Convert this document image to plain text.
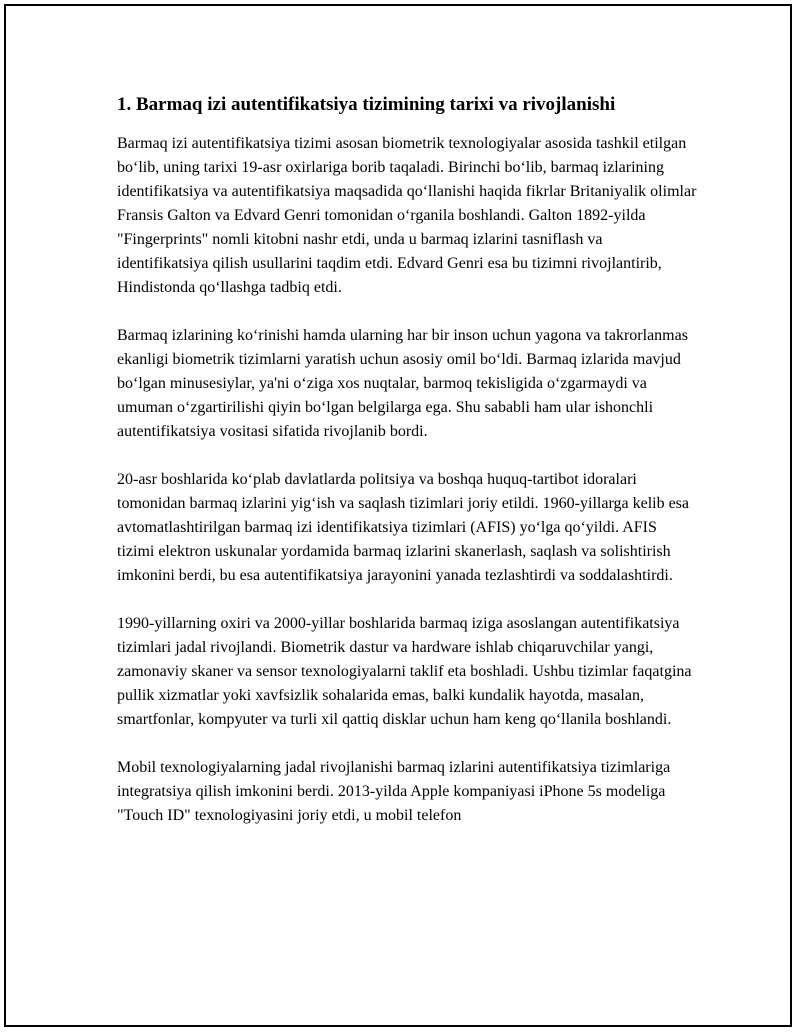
1. Barmaq izi autentifikatsiya tizimining tarixi va rivojlanishi

Barmaq izi autentifikatsiya tizimi asosan biometrik texnologiyalar asosida tashkil etilgan bo‘lib, uning tarixi 19-asr oxirlariga borib taqaladi. Birinchi bo‘lib, barmaq izlarining identifikatsiya va autentifikatsiya maqsadida qo‘llanishi haqida fikrlar Britaniyalik olimlar Fransis Galton va Edvard Genri tomonidan o‘rganila boshlandi. Galton 1892-yilda "Fingerprints" nomli kitobni nashr etdi, unda u barmaq izlarini tasniflash va identifikatsiya qilish usullarini taqdim etdi. Edvard Genri esa bu tizimni rivojlantirib, Hindistonda qo‘llashga tadbiq etdi.

Barmaq izlarining ko‘rinishi hamda ularning har bir inson uchun yagona va takrorlanmas ekanligi biometrik tizimlarni yaratish uchun asosiy omil bo‘ldi. Barmaq izlarida mavjud bo‘lgan minusesiylar, ya'ni o‘ziga xos nuqtalar, barmoq tekisligida o‘zgarmaydi va umuman o‘zgartirilishi qiyin bo‘lgan belgilarga ega. Shu sababli ham ular ishonchli autentifikatsiya vositasi sifatida rivojlanib bordi.

20-asr boshlarida ko‘plab davlatlarda politsiya va boshqa huquq-tartibot idoralari tomonidan barmaq izlarini yig‘ish va saqlash tizimlari joriy etildi. 1960-yillarga kelib esa avtomatlashtirilgan barmaq izi identifikatsiya tizimlari (AFIS) yo‘lga qo‘yildi. AFIS tizimi elektron uskunalar yordamida barmaq izlarini skanerlash, saqlash va solishtirish imkonini berdi, bu esa autentifikatsiya jarayonini yanada tezlashtirdi va soddalashtirdi.

1990-yillarning oxiri va 2000-yillar boshlarida barmaq iziga asoslangan autentifikatsiya tizimlari jadal rivojlandi. Biometrik dastur va hardware ishlab chiqaruvchilar yangi, zamonaviy skaner va sensor texnologiyalarni taklif eta boshladi. Ushbu tizimlar faqatgina pullik xizmatlar yoki xavfsizlik sohalarida emas, balki kundalik hayotda, masalan, smartfonlar, kompyuter va turli xil qattiq disklar uchun ham keng qo‘llanila boshlandi.

Mobil texnologiyalarning jadal rivojlanishi barmaq izlarini autentifikatsiya tizimlariga integratsiya qilish imkonini berdi. 2013-yilda Apple kompaniyasi iPhone 5s modeliga "Touch ID" texnologiyasini joriy etdi, u mobil telefon
